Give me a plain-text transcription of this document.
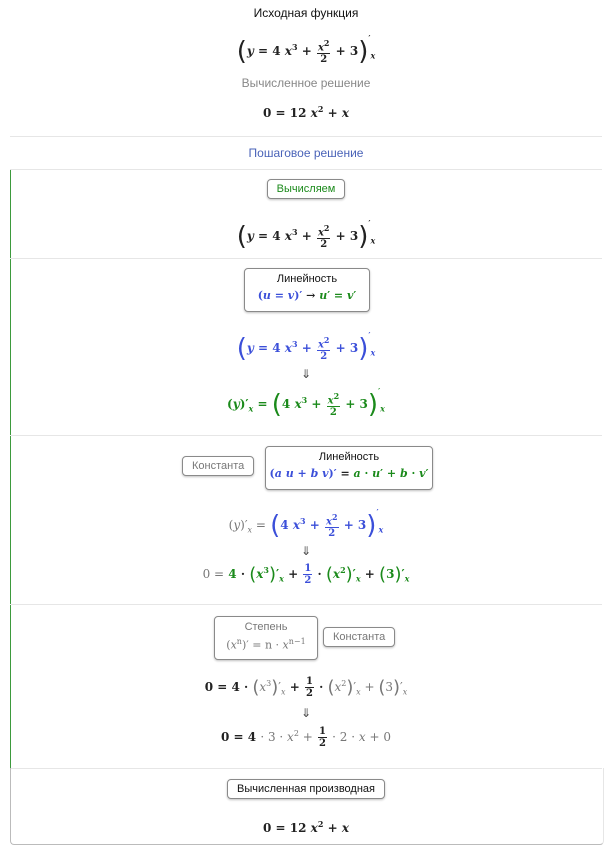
Исходная функция
(y = 4 $x^3 + \frac{x^2}{2} + 3)'_x$
Вычисленное решение
0 = 12 $x^2 + x$
Пошаговое решение
Вычисляем
(y = 4 $x^3 + \frac{x^2}{2} + 3)'_x$
Линейность
(u = v)′ → u′ = v′
(y = 4 $x^3 + \frac{x^2}{2} + 3)'_x$
⇓
$(y)'_x = (4$ $x^3 + \frac{x^2}{2} + 3)'_x$
Константа
Линейность
(a u + b v)′ = a · u′ + b · v′
$(y)'_x = (4$ $x^3 + \frac{x^2}{2} + 3)'_x$
⇓
$0 = 4 \cdot (x^3)'_x + \frac{1}{2} \cdot (x^2)'_x + (3)'_x$
Степень
$(x^n)' = n \cdot x^{n-1}$	Константа
$0 = 4 \cdot (x^3)'_x + \frac{1}{2} \cdot (x^2)'_x + (3)'_x$
⇓
$0 = 4 \cdot 3 \cdot x^2 + \frac{1}{2} \cdot 2 \cdot x + 0$
Вычисленная производная
0 = 12 $x^2 + x$
